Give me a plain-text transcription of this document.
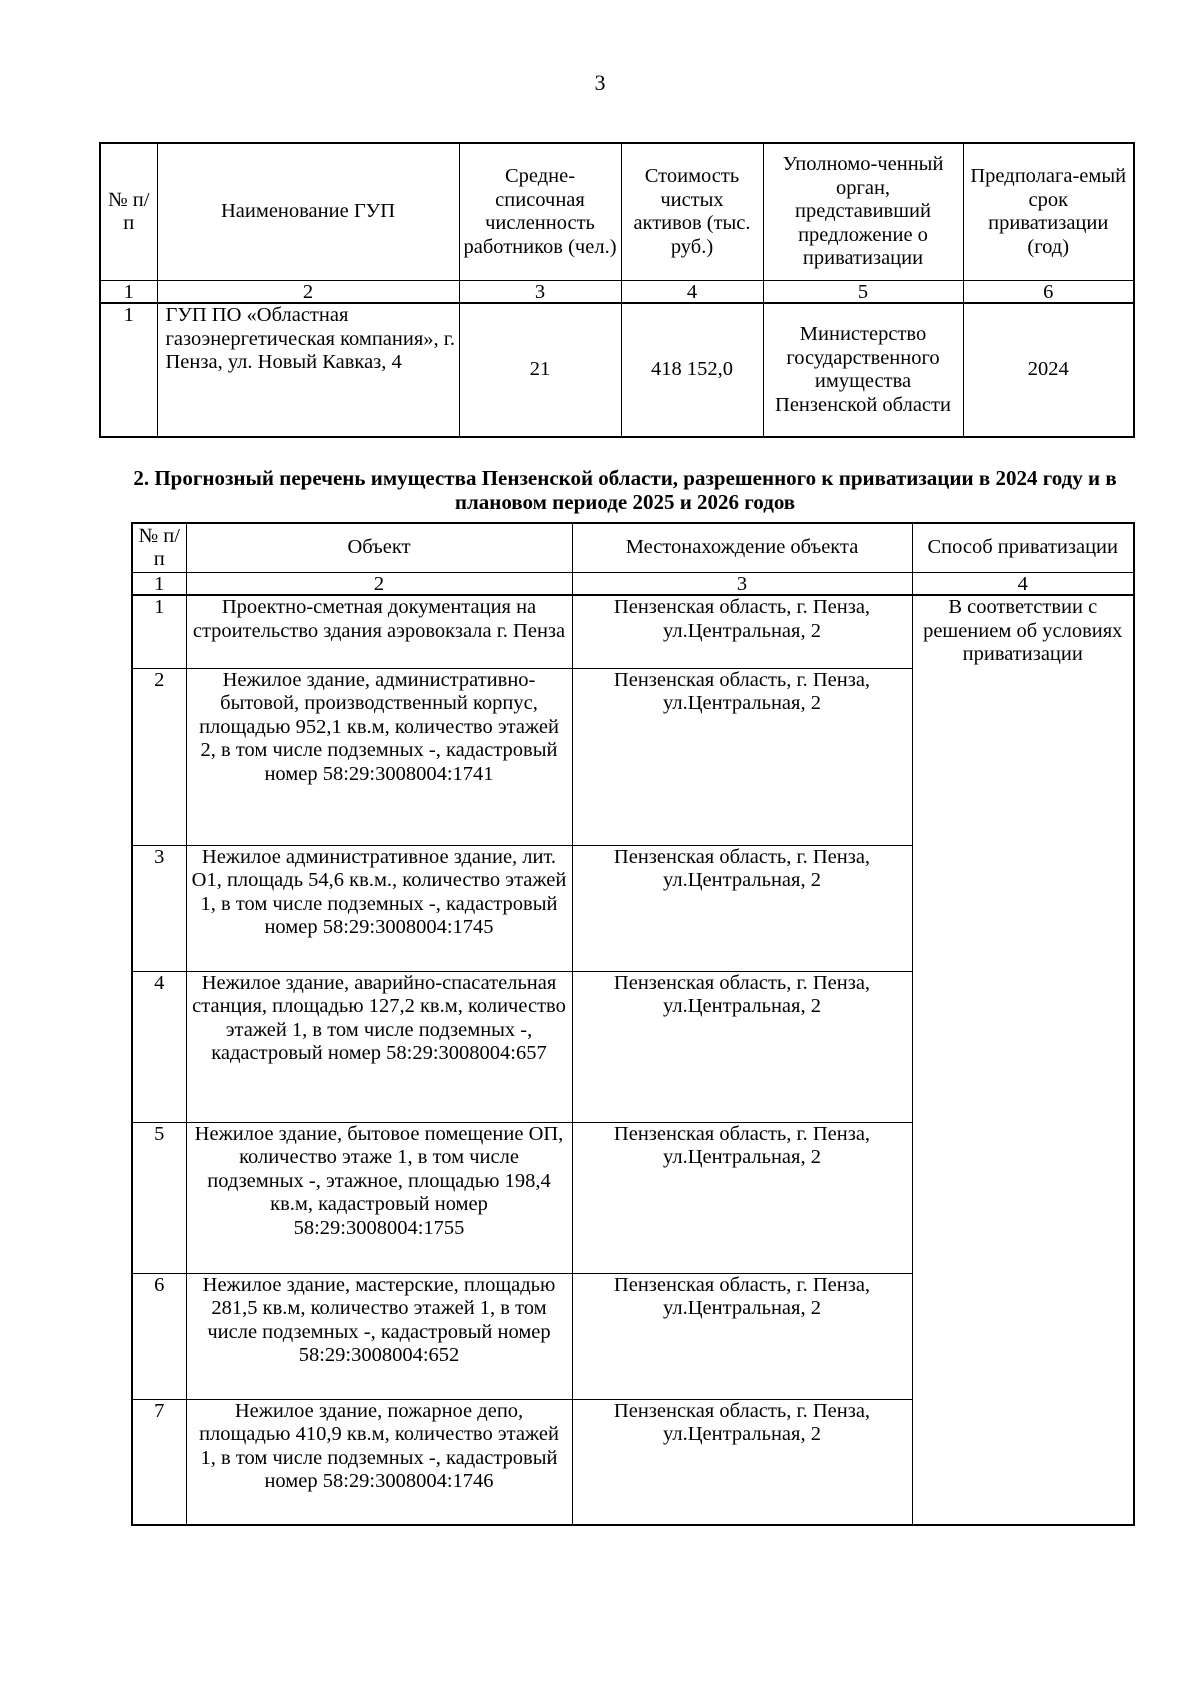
3
№ п/п	Наименование ГУП	Средне-списочная численность работников (чел.)	Стоимость чистых активов (тыс. руб.)	Уполномо-ченный орган, представивший предложение о приватизации	Предполага-емый срок приватизации (год)
1	2	3	4	5	6
1	ГУП ПО «Областная газоэнергетическая компания», г. Пенза, ул. Новый Кавказ, 4	21	418 152,0	Министерство государственного имущества Пензенской области	2024
2. Прогнозный перечень имущества Пензенской области, разрешенного к приватизации в 2024 году и в плановом периоде 2025 и 2026 годов
№ п/п	Объект	Местонахождение объекта	Способ приватизации
1	2	3	4
1	Проектно-сметная документация на строительство здания аэровокзала г. Пенза	Пензенская область, г. Пенза, ул.Центральная, 2	В соответствии с решением об условиях приватизации
2	Нежилое здание, административно-бытовой, производственный корпус, площадью 952,1 кв.м, количество этажей 2, в том числе подземных -, кадастровый номер 58:29:3008004:1741	Пензенская область, г. Пенза, ул.Центральная, 2	
3	Нежилое административное здание, лит. О1, площадь 54,6 кв.м., количество этажей 1, в том числе подземных -, кадастровый номер 58:29:3008004:1745	Пензенская область, г. Пенза, ул.Центральная, 2	
4	Нежилое здание, аварийно-спасательная станция, площадью 127,2 кв.м, количество этажей 1, в том числе подземных -, кадастровый номер 58:29:3008004:657	Пензенская область, г. Пенза, ул.Центральная, 2	
5	Нежилое здание, бытовое помещение ОП, количество этаже 1, в том числе подземных -, этажное, площадью 198,4 кв.м, кадастровый номер 58:29:3008004:1755	Пензенская область, г. Пенза, ул.Центральная, 2	
6	Нежилое здание, мастерские, площадью 281,5 кв.м, количество этажей 1, в том числе подземных -, кадастровый номер 58:29:3008004:652	Пензенская область, г. Пенза, ул.Центральная, 2	
7	Нежилое здание, пожарное депо, площадью 410,9 кв.м, количество этажей 1, в том числе подземных -, кадастровый номер 58:29:3008004:1746	Пензенская область, г. Пенза, ул.Центральная, 2	
